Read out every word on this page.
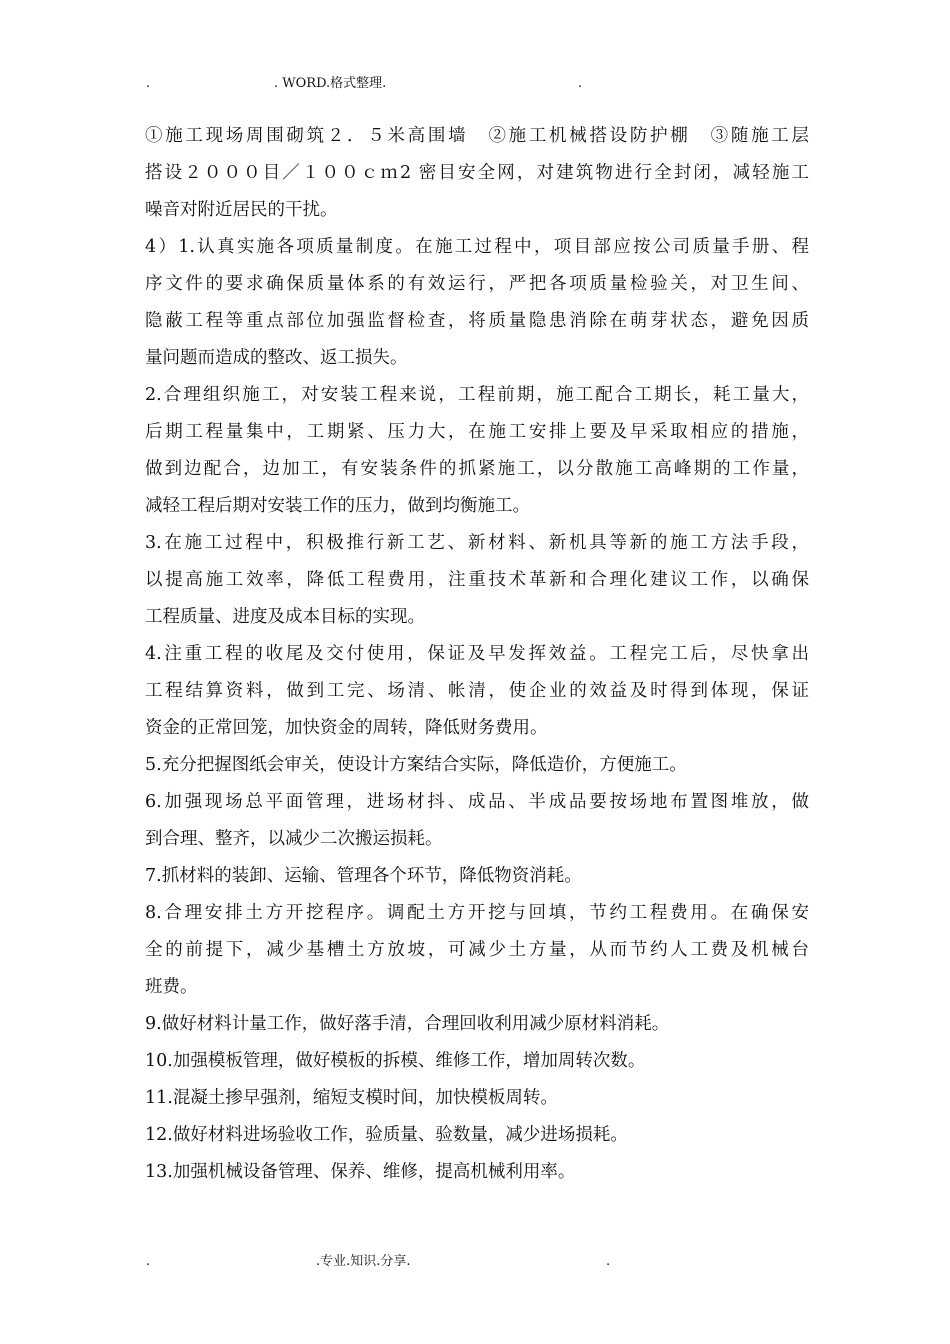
.	. WORD.格式整理.	.
①施工现场周围砌筑２．５米高围墙　②施工机械搭设防护棚　③随施工层
搭设２０００目／１００ｃｍ2 密目安全网，对建筑物进行全封闭，减轻施工
噪音对附近居民的干扰。
4）1.认真实施各项质量制度。在施工过程中，项目部应按公司质量手册、程
序文件的要求确保质量体系的有效运行，严把各项质量检验关，对卫生间、
隐蔽工程等重点部位加强监督检查，将质量隐患消除在萌芽状态，避免因质
量问题而造成的整改、返工损失。
2.合理组织施工，对安装工程来说，工程前期，施工配合工期长，耗工量大，
后期工程量集中，工期紧、压力大，在施工安排上要及早采取相应的措施，
做到边配合，边加工，有安装条件的抓紧施工，以分散施工高峰期的工作量，
减轻工程后期对安装工作的压力，做到均衡施工。
3.在施工过程中，积极推行新工艺、新材料、新机具等新的施工方法手段，
以提高施工效率，降低工程费用，注重技术革新和合理化建议工作，以确保
工程质量、进度及成本目标的实现。
4.注重工程的收尾及交付使用，保证及早发挥效益。工程完工后，尽快拿出
工程结算资料，做到工完、场清、帐清，使企业的效益及时得到体现，保证
资金的正常回笼，加快资金的周转，降低财务费用。
5.充分把握图纸会审关，使设计方案结合实际，降低造价，方便施工。
6.加强现场总平面管理，进场材抖、成品、半成品要按场地布置图堆放，做
到合理、整齐，以减少二次搬运损耗。
7.抓材料的装卸、运输、管理各个环节，降低物资消耗。
8.合理安排土方开挖程序。调配土方开挖与回填，节约工程费用。在确保安
全的前提下，减少基槽土方放坡，可减少土方量，从而节约人工费及机械台
班费。
9.做好材料计量工作，做好落手清，合理回收利用减少原材料消耗。
10.加强模板管理，做好模板的拆模、维修工作，增加周转次数。
11.混凝土掺早强剂，缩短支模时间，加快模板周转。
12.做好材料进场验收工作，验质量、验数量，减少进场损耗。
13.加强机械设备管理、保养、维修，提高机械利用率。
.	.专业.知识.分享.	.
